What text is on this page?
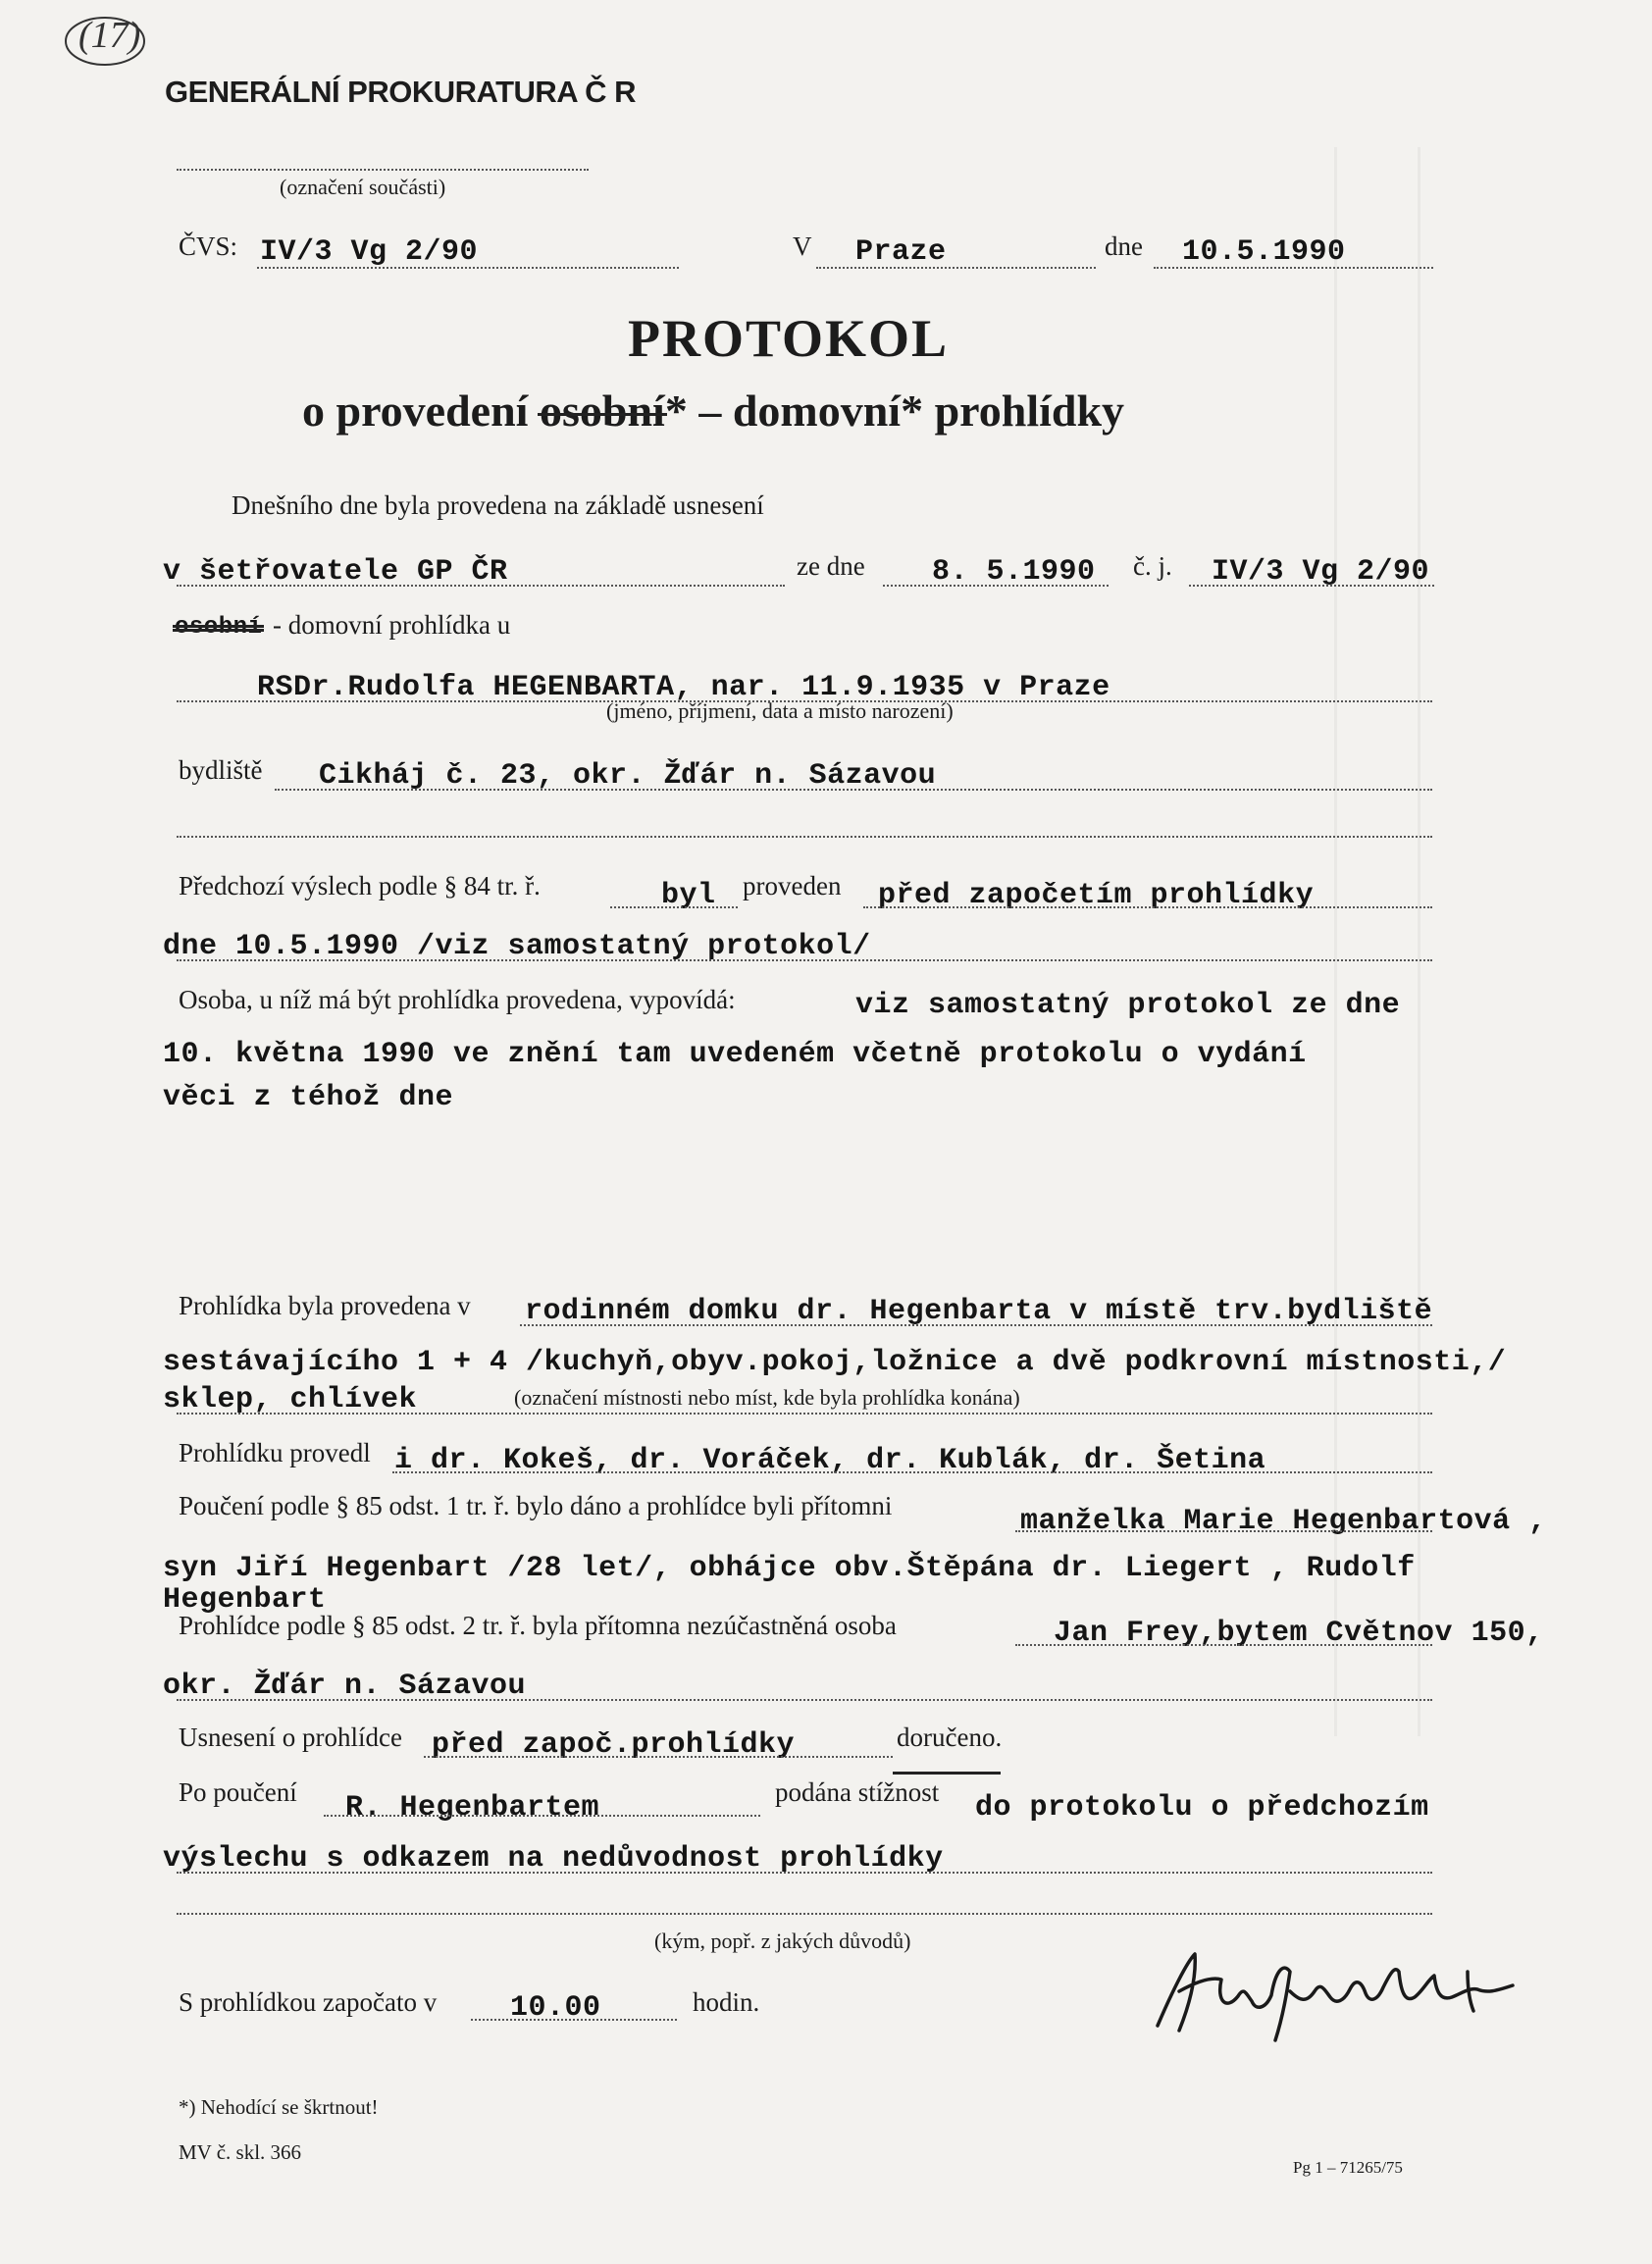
(17)
GENERÁLNÍ PROKURATURA Č R
(označení součásti)
ČVS: IV/3 Vg 2/90	V Praze	dne 10.5.1990
PROTOKOL
o provedení osobní* – domovní* prohlídky
Dnešního dne byla provedena na základě usnesení
v šetřovatele GP ČR	ze dne 8. 5.1990 č. j. IV/3 Vg 2/90
osobní - domovní prohlídka u
RSDr.Rudolfa HEGENBARTA, nar. 11.9.1935 v Praze
(jméno, příjmení, data a místo narození)
bydliště Cikháj č. 23, okr. Žďár n. Sázavou
Předchozí výslech podle § 84 tr. ř.	byl proveden před započetím prohlídky
dne 10.5.1990 /viz samostatný protokol/
Osoba, u níž má být prohlídka provedena, vypovídá:	viz samostatný protokol ze dne
10. května 1990 ve znění tam uvedeném včetně protokolu o vydání
věci z téhož dne
Prohlídka byla provedena v rodinném domku dr. Hegenbarta v místě trv.bydliště
sestávajícího 1 + 4 /kuchyň,obyv.pokoj,ložnice a dvě podkrovní místnosti,/
sklep, chlívek	(označení místnosti nebo míst, kde byla prohlídka konána)
Prohlídku provedl i dr. Kokeš, dr. Voráček, dr. Kublák, dr. Šetina
Poučení podle § 85 odst. 1 tr. ř. bylo dáno a prohlídce byli přítomni	manželka Marie Hegenbartová ,
syn Jiří Hegenbart /28 let/, obhájce obv.Štěpána dr. Liegert , Rudolf
Hegenbart
Prohlídce podle § 85 odst. 2 tr. ř. byla přítomna nezúčastněná osoba	Jan Frey,bytem Cvětnov 150,
okr. Žďár n. Sázavou
Usnesení o prohlídce před započ.prohlídky	doručeno.
Po poučení R. Hegenbartem	podána stížnost do protokolu o předchozím
výslechu s odkazem na nedůvodnost prohlídky
(kým, popř. z jakých důvodů)
S prohlídkou započato v 10.00	hodin.
*) Nehodící se škrtnout!
MV č. skl. 366
Pg 1 – 71265/75
